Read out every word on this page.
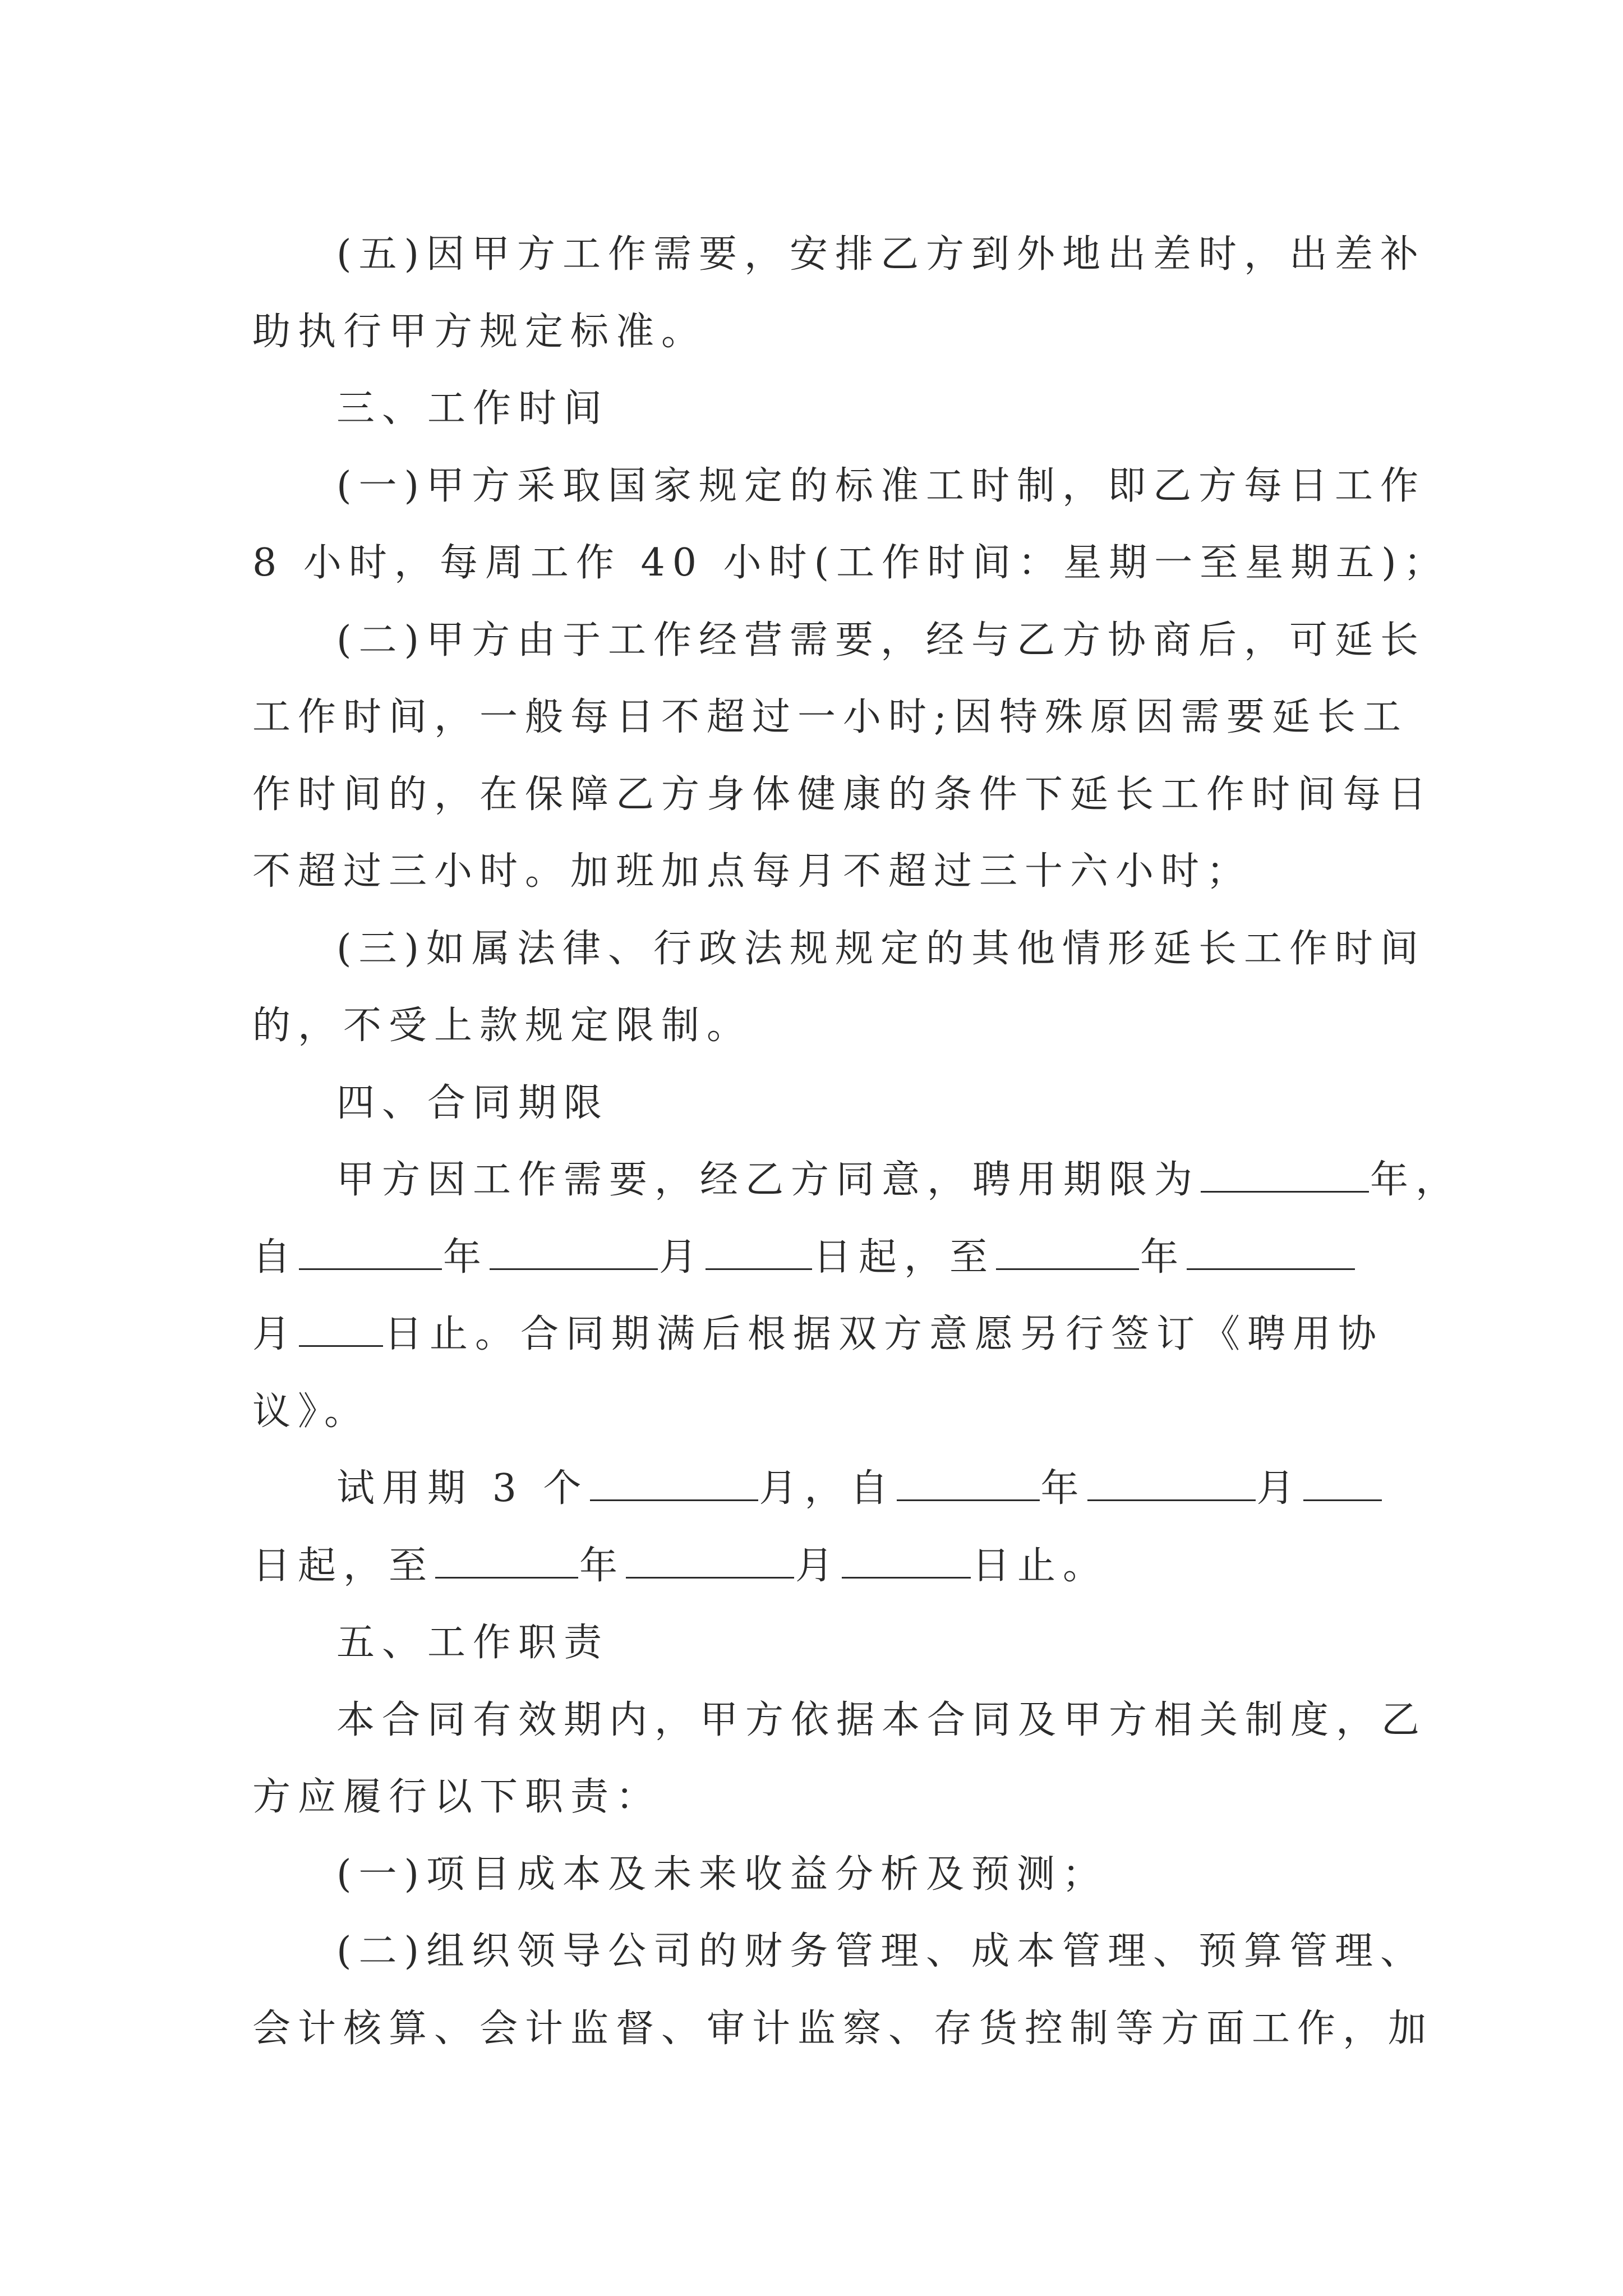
(五)因甲方工作需要，安排乙方到外地出差时，出差补
助执行甲方规定标准。
三、工作时间
(一)甲方采取国家规定的标准工时制，即乙方每日工作
8 小时，每周工作 40 小时(工作时间：星期一至星期五)；
(二)甲方由于工作经营需要，经与乙方协商后，可延长
工作时间，一般每日不超过一小时;因特殊原因需要延长工
作时间的，在保障乙方身体健康的条件下延长工作时间每日
不超过三小时。加班加点每月不超过三十六小时；
(三)如属法律、行政法规规定的其他情形延长工作时间
的，不受上款规定限制。
四、合同期限
甲方因工作需要，经乙方同意，聘用期限为	年，
自	年	月	日起，至	年
月 日止。合同期满后根据双方意愿另行签订《聘用协
议》。
试用期 3 个	月，自	年	月
日起，至	年	月	日止。
五、工作职责
本合同有效期内，甲方依据本合同及甲方相关制度，乙
方应履行以下职责：
(一)项目成本及未来收益分析及预测；
(二)组织领导公司的财务管理、成本管理、预算管理、
会计核算、会计监督、审计监察、存货控制等方面工作，加
